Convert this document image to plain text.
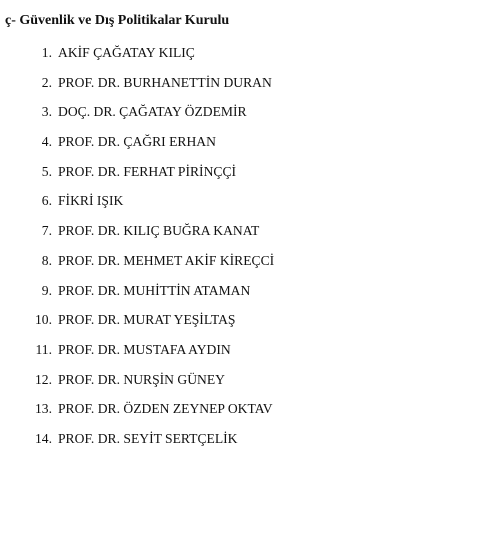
ç- Güvenlik ve Dış Politikalar Kurulu
1. AKİF ÇAĞATAY KILIÇ
2. PROF. DR. BURHANETTİN DURAN
3. DOÇ. DR. ÇAĞATAY ÖZDEMİR
4. PROF. DR. ÇAĞRI ERHAN
5. PROF. DR. FERHAT PİRİNÇÇİ
6. FİKRİ IŞIK
7. PROF. DR. KILIÇ BUĞRA KANAT
8. PROF. DR. MEHMET AKİF KİREÇCİ
9. PROF. DR. MUHİTTİN ATAMAN
10. PROF. DR. MURAT YEŞİLTAŞ
11. PROF. DR. MUSTAFA AYDIN
12. PROF. DR. NURŞİN GÜNEY
13. PROF. DR. ÖZDEN ZEYNEP OKTAV
14. PROF. DR. SEYİT SERTÇELİK
